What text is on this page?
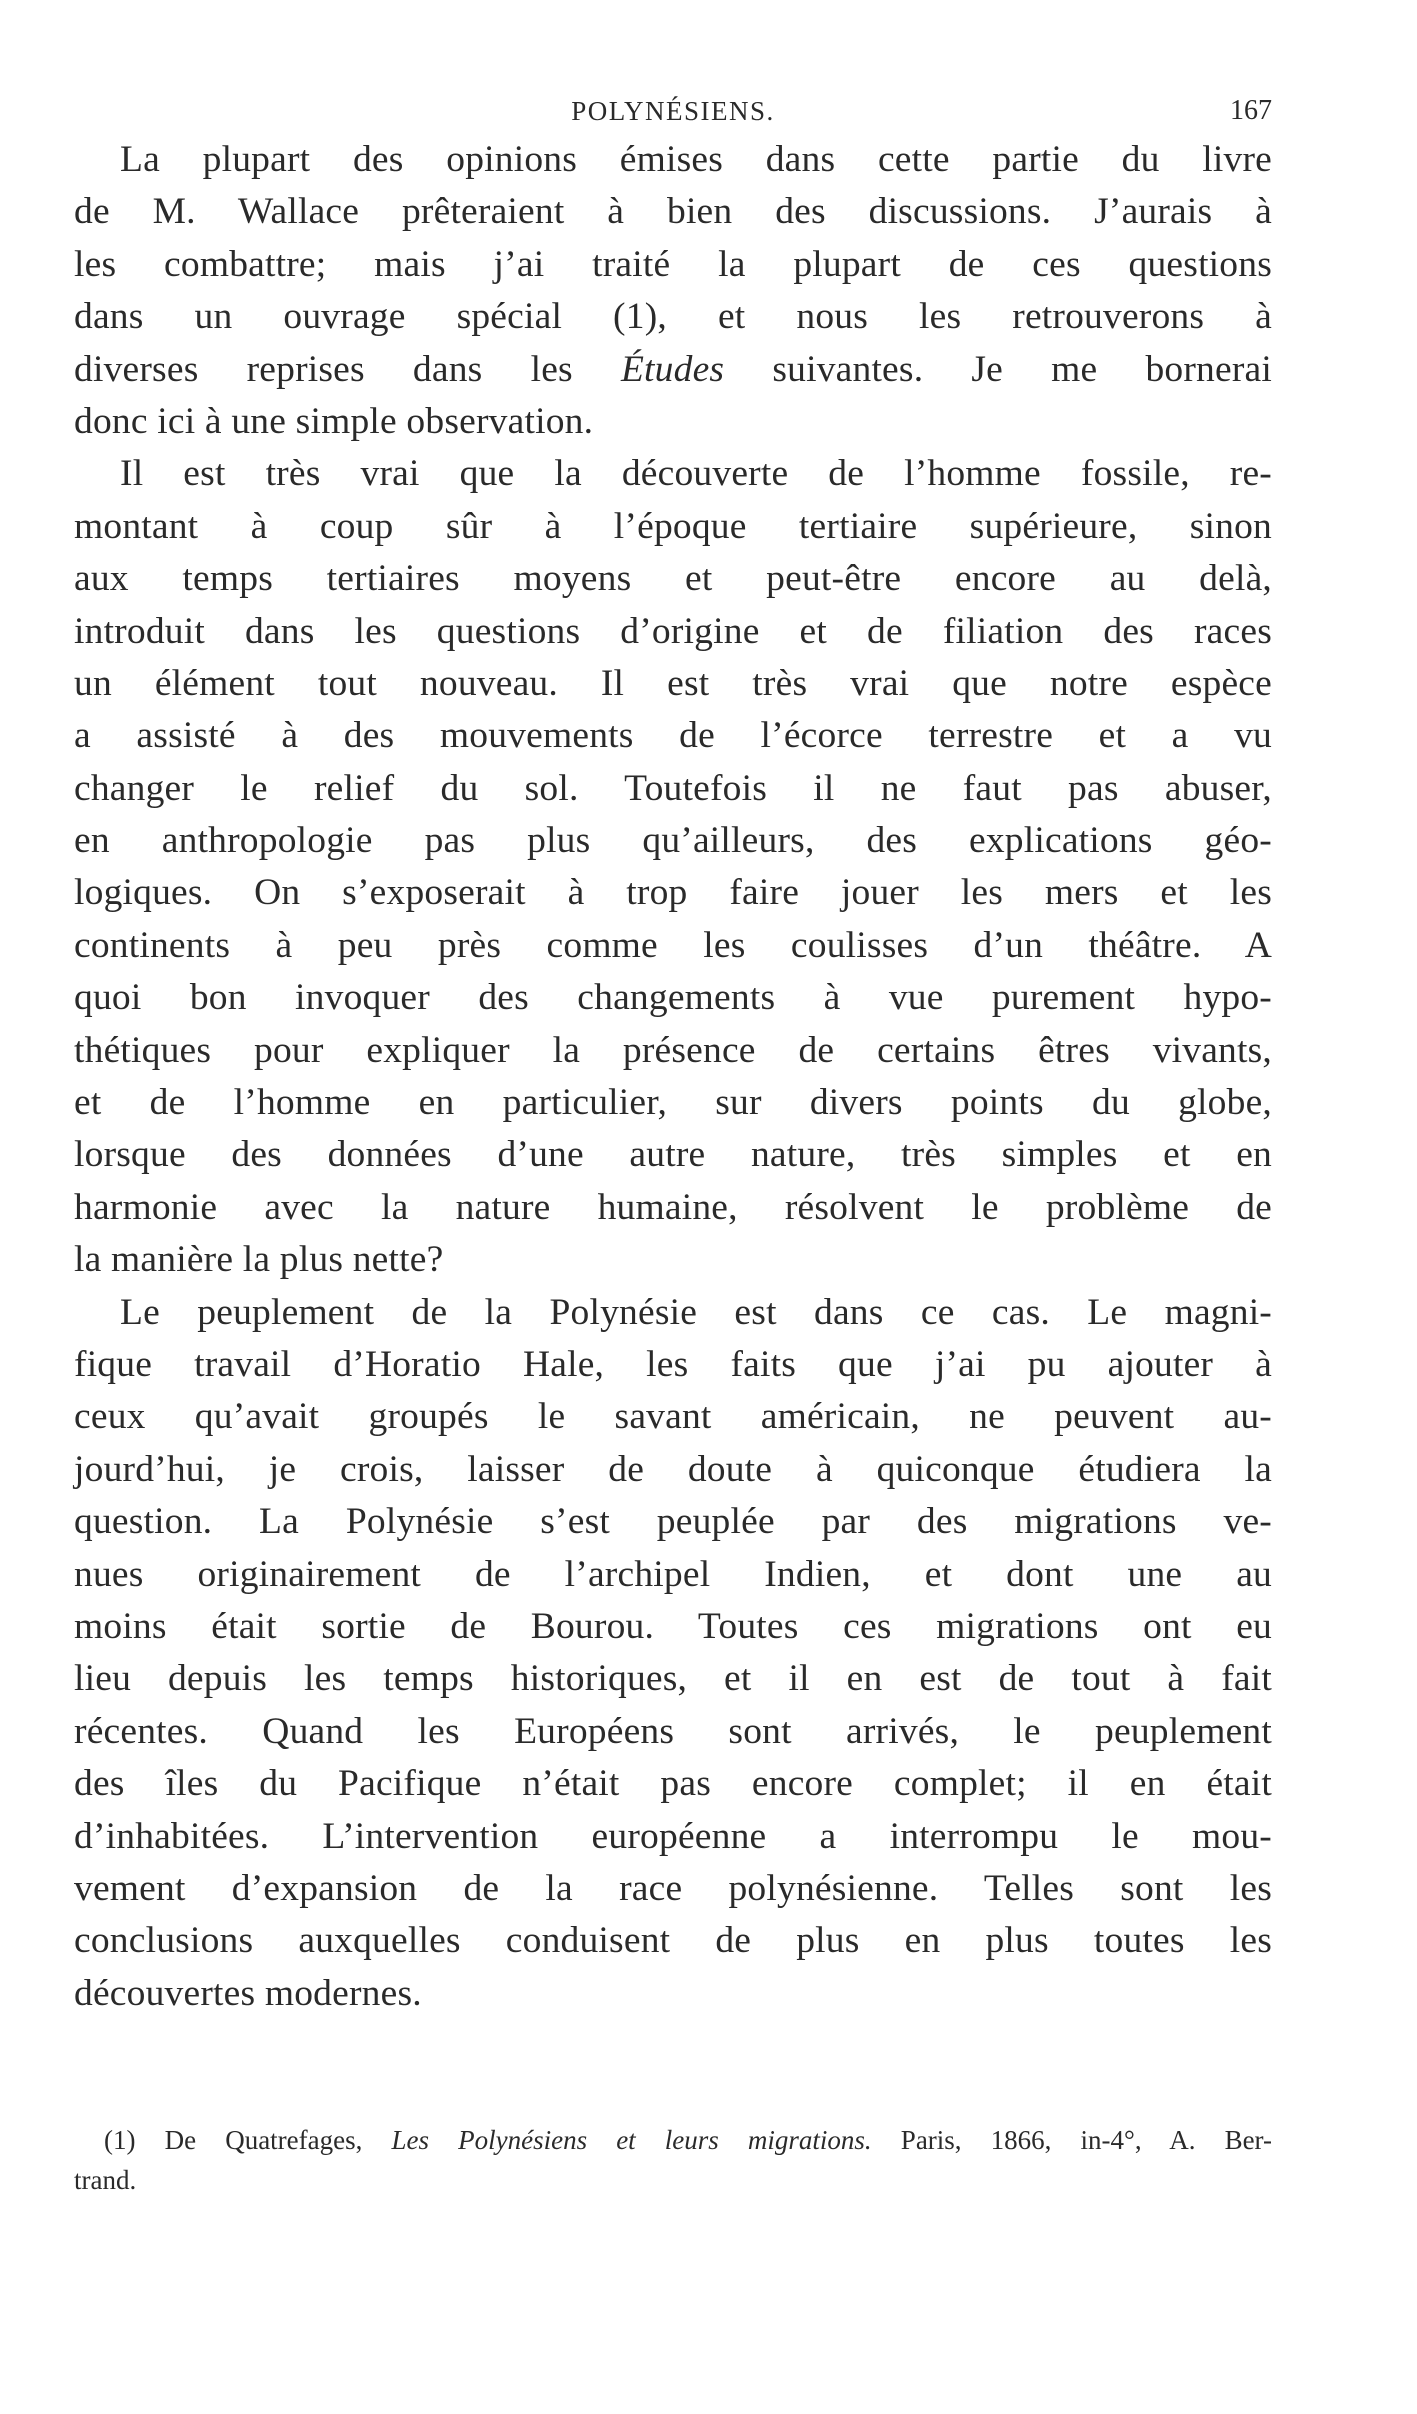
POLYNÉSIENS.	167
La plupart des opinions émises dans cette partie du livre
de M. Wallace prêteraient à bien des discussions. J’aurais à
les combattre; mais j’ai traité la plupart de ces questions
dans un ouvrage spécial (1), et nous les retrouverons à
diverses reprises dans les Études suivantes. Je me bornerai
donc ici à une simple observation.
Il est très vrai que la découverte de l’homme fossile, re-
montant à coup sûr à l’époque tertiaire supérieure, sinon
aux temps tertiaires moyens et peut-être encore au delà,
introduit dans les questions d’origine et de filiation des races
un élément tout nouveau. Il est très vrai que notre espèce
a assisté à des mouvements de l’écorce terrestre et a vu
changer le relief du sol. Toutefois il ne faut pas abuser,
en anthropologie pas plus qu’ailleurs, des explications géo-
logiques. On s’exposerait à trop faire jouer les mers et les
continents à peu près comme les coulisses d’un théâtre. A
quoi bon invoquer des changements à vue purement hypo-
thétiques pour expliquer la présence de certains êtres vivants,
et de l’homme en particulier, sur divers points du globe,
lorsque des données d’une autre nature, très simples et en
harmonie avec la nature humaine, résolvent le problème de
la manière la plus nette?
Le peuplement de la Polynésie est dans ce cas. Le magni-
fique travail d’Horatio Hale, les faits que j’ai pu ajouter à
ceux qu’avait groupés le savant américain, ne peuvent au-
jourd’hui, je crois, laisser de doute à quiconque étudiera la
question. La Polynésie s’est peuplée par des migrations ve-
nues originairement de l’archipel Indien, et dont une au
moins était sortie de Bourou. Toutes ces migrations ont eu
lieu depuis les temps historiques, et il en est de tout à fait
récentes. Quand les Européens sont arrivés, le peuplement
des îles du Pacifique n’était pas encore complet; il en était
d’inhabitées. L’intervention européenne a interrompu le mou-
vement d’expansion de la race polynésienne. Telles sont les
conclusions auxquelles conduisent de plus en plus toutes les
découvertes modernes.
(1) De Quatrefages, Les Polynésiens et leurs migrations. Paris, 1866, in-4°, A. Ber-
trand.
